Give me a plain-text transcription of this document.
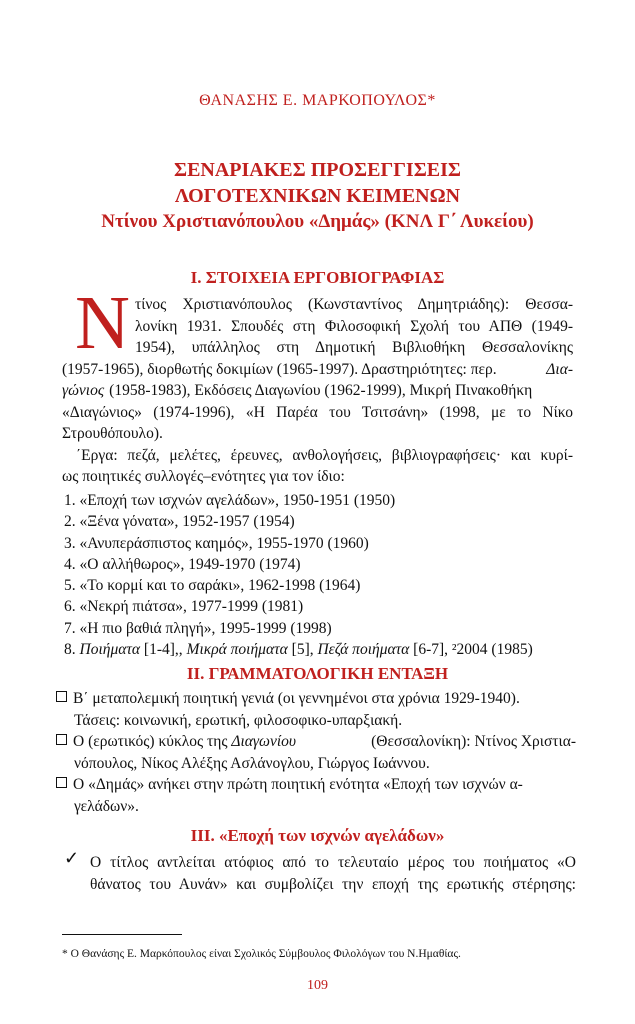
ΘΑΝΑΣΗΣ Ε. ΜΑΡΚΟΠΟΥΛΟΣ*
ΣΕΝΑΡΙΑΚΕΣ ΠΡΟΣΕΓΓΙΣΕΙΣ
ΛΟΓΟΤΕΧΝΙΚΩΝ ΚΕΙΜΕΝΩΝ
Ντίνου Χριστιανόπουλου «Δημάς» (ΚΝΛ Γ΄ Λυκείου)
Ι. ΣΤΟΙΧΕΙΑ ΕΡΓΟΒΙΟΓΡΑΦΙΑΣ
Ν τίνος Χριστιανόπουλος (Κωνσταντίνος Δημητριάδης): Θεσσα-
λονίκη 1931. Σπουδές στη Φιλοσοφική Σχολή του ΑΠΘ (1949-
1954), υπάλληλος στη Δημοτική Βιβλιοθήκη Θεσσαλονίκης
(1957-1965), διορθωτής δοκιμίων (1965-1997). Δραστηριότητες: περ.	Δια-
γώνιος (1958-1983), Εκδόσεις Διαγωνίου (1962-1999), Μικρή Πινακοθήκη
«Διαγώνιος» (1974-1996), «Η Παρέα του Τσιτσάνη» (1998, με το Νίκο
Στρουθόπουλο).
΄Εργα: πεζά, μελέτες, έρευνες, ανθολογήσεις, βιβλιογραφήσεις· και κυρί-
ως ποιητικές συλλογές–ενότητες για τον ίδιο:
1. «Εποχή των ισχνών αγελάδων», 1950-1951 (1950)
2. «Ξένα γόνατα», 1952-1957 (1954)
3. «Ανυπεράσπιστος καημός», 1955-1970 (1960)
4. «Ο αλλήθωρος», 1949-1970 (1974)
5. «Το κορμί και το σαράκι», 1962-1998 (1964)
6. «Νεκρή πιάτσα», 1977-1999 (1981)
7. «Η πιο βαθιά πληγή», 1995-1999 (1998)
8. Ποιήματα [1-4],, Μικρά ποιήματα [5], Πεζά ποιήματα [6-7], ²2004 (1985)
ΙΙ. ΓΡΑΜΜΑΤΟΛΟΓΙΚΗ ΕΝΤΑΞΗ
Β΄ μεταπολεμική ποιητική γενιά (οι γεννημένοι στα χρόνια 1929-1940).
Τάσεις: κοινωνική, ερωτική, φιλοσοφικο-υπαρξιακή.
Ο (ερωτικός) κύκλος της Διαγωνίου	(Θεσσαλονίκη): Ντίνος Χριστια-
νόπουλος, Νίκος Αλέξης Ασλάνογλου, Γιώργος Ιωάννου.
Ο «Δημάς» ανήκει στην πρώτη ποιητική ενότητα «Εποχή των ισχνών α-
γελάδων».
ΙΙΙ. «Εποχή των ισχνών αγελάδων»
✓ Ο τίτλος αντλείται ατόφιος από το τελευταίο μέρος του ποιήματος «Ο
θάνατος του Αυνάν» και συμβολίζει την εποχή της ερωτικής στέρησης:
* Ο Θανάσης Ε. Μαρκόπουλος είναι Σχολικός Σύμβουλος Φιλολόγων του Ν.Ημαθίας.
109
